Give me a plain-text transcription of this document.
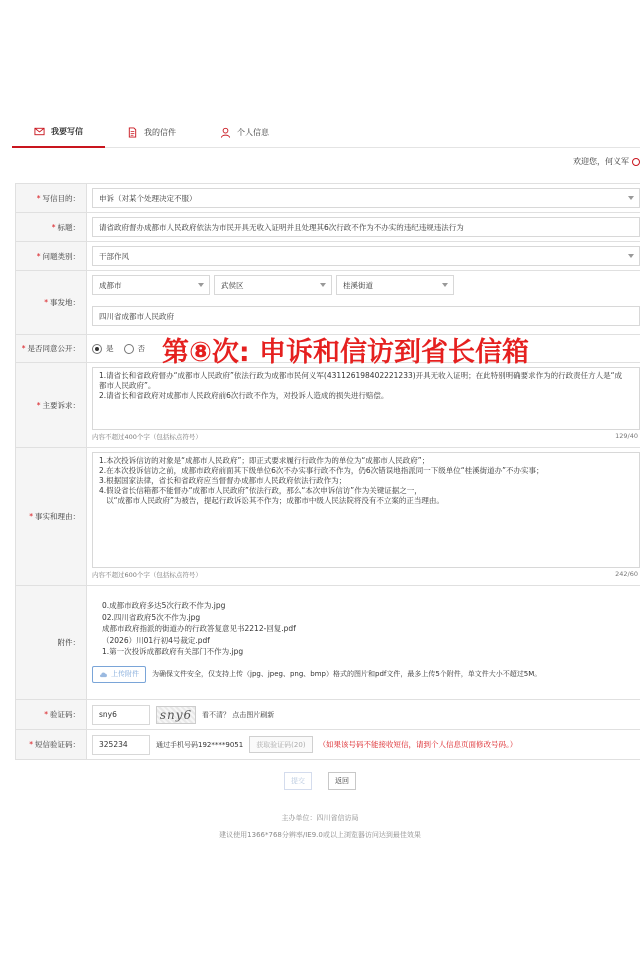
我要写信	我的信件	个人信息
欢迎您，何义军
* 写信目的：	申诉（对某个处理决定不服）
* 标题：	请省政府督办成都市人民政府依法为市民开具无收入证明并且处理其6次行政不作为不办实的违纪违规违法行为
* 问题类别：	干部作风
* 事发地：
成都市	武侯区	桂溪街道
四川省成都市人民政府
* 是否同意公开：	是	否
* 主要诉求：
1.请省长和省政府督办“成都市人民政府”依法行政为成都市民何义军(431126198402221233)开具无收入证明；在此特别明确要求作为的行政责任方人是“成
都市人民政府”。
2.请省长和省政府对成都市人民政府前6次行政不作为，对投诉人造成的损失进行赔偿。
内容不超过400个字（包括标点符号）	129/40
* 事实和理由：
1.本次投诉信访的对象是“成都市人民政府”；即正式要求履行行政作为的单位为“成都市人民政府”；
2.在本次投诉信访之前，成都市政府前面其下级单位6次不办实事行政不作为，仍6次错误地指派同一下级单位“桂溪街道办”不办实事；
3.根据国家法律，省长和省政府应当督督办成都市人民政府依法行政作为；
4.假设省长信箱都不能督办“成都市人民政府”依法行政，那么“本次申诉信访”作为关键证据之一，
以“成都市人民政府”为被告，提起行政诉讼其不作为；成都市中级人民法院将没有不立案的正当理由。
内容不超过600个字（包括标点符号）	242/60
附件：
0.成都市政府多达5次行政不作为.jpg
02.四川省政府5次不作为.jpg
成都市政府指派的街道办的行政答复意见书2212-回复.pdf
（2026）川01行初4号裁定.pdf
1.第一次投诉成都政府有关部门不作为.jpg
上传附件 为确保文件安全，仅支持上传（jpg、jpeg、png、bmp）格式的图片和pdf文件，最多上传5个附件，单文件大小不超过5M。
* 验证码：	sny6	sny6	看不清？ 点击图片刷新
* 短信验证码：	325234	通过手机号码192****9051	获取验证码(20)	（如果该号码不能接收短信，请到个人信息页面修改号码。）
第⑧次: 申诉和信访到省长信箱
提交	返回
主办单位：四川省信访局
建议使用1366*768分辨率/IE9.0或以上浏览器访问达到最佳效果
